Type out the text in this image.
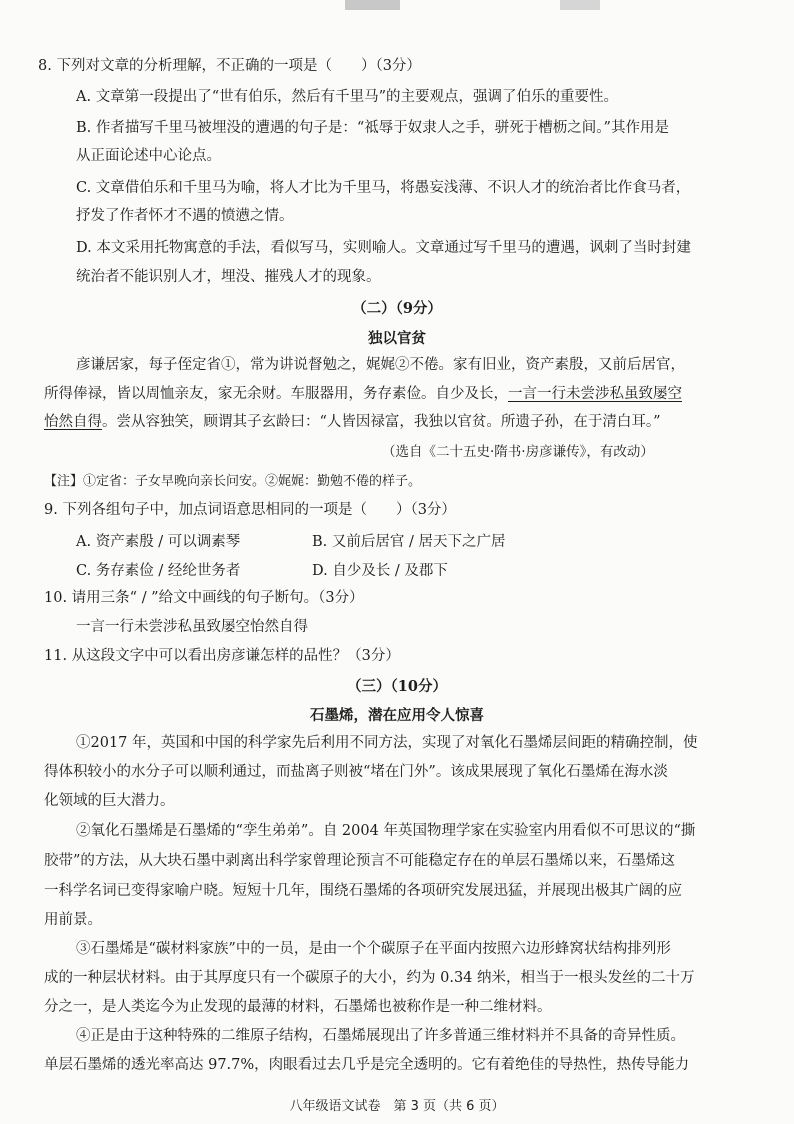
8. 下列对文章的分析理解，不正确的一项是（　　）（3分）
A. 文章第一段提出了“世有伯乐，然后有千里马”的主要观点，强调了伯乐的重要性。
B. 作者描写千里马被埋没的遭遇的句子是：“祗辱于奴隶人之手，骈死于槽枥之间。”其作用是
从正面论述中心论点。
C. 文章借伯乐和千里马为喻，将人才比为千里马，将愚妄浅薄、不识人才的统治者比作食马者，
抒发了作者怀才不遇的愤懑之情。
D. 本文采用托物寓意的手法，看似写马，实则喻人。文章通过写千里马的遭遇，讽刺了当时封建
统治者不能识别人才，埋没、摧残人才的现象。
（二）（9分）
独以官贫
彦谦居家，每子侄定省①，常为讲说督勉之，娓娓②不倦。家有旧业，资产素殷，又前后居官，
所得俸禄，皆以周恤亲友，家无余财。车服器用，务存素俭。自少及长，一言一行未尝涉私虽致屡空
怡然自得。尝从容独笑，顾谓其子玄龄曰：“人皆因禄富，我独以官贫。所遗子孙，在于清白耳。”
（选自《二十五史·隋书·房彦谦传》，有改动）
【注】①定省：子女早晚向亲长问安。②娓娓：勤勉不倦的样子。
9. 下列各组句子中，加点词语意思相同的一项是（　　）（3分）
A. 资产素殷 / 可以调素琴	B. 又前后居官 / 居天下之广居
C. 务存素俭 / 经纶世务者	D. 自少及长 / 及郡下
10. 请用三条“ / ”给文中画线的句子断句。（3分）
一言一行未尝涉私虽致屡空怡然自得
11. 从这段文字中可以看出房彦谦怎样的品性？（3分）
（三）（10分）
石墨烯，潜在应用令人惊喜
①2017 年，英国和中国的科学家先后利用不同方法，实现了对氧化石墨烯层间距的精确控制，使
得体积较小的水分子可以顺利通过，而盐离子则被“堵在门外”。该成果展现了氧化石墨烯在海水淡
化领域的巨大潜力。
②氧化石墨烯是石墨烯的“孪生弟弟”。自 2004 年英国物理学家在实验室内用看似不可思议的“撕
胶带”的方法，从大块石墨中剥离出科学家曾理论预言不可能稳定存在的单层石墨烯以来，石墨烯这
一科学名词已变得家喻户晓。短短十几年，围绕石墨烯的各项研究发展迅猛，并展现出极其广阔的应
用前景。
③石墨烯是“碳材料家族”中的一员，是由一个个碳原子在平面内按照六边形蜂窝状结构排列形
成的一种层状材料。由于其厚度只有一个碳原子的大小，约为 0.34 纳米，相当于一根头发丝的二十万
分之一，是人类迄今为止发现的最薄的材料，石墨烯也被称作是一种二维材料。
④正是由于这种特殊的二维原子结构，石墨烯展现出了许多普通三维材料并不具备的奇异性质。
单层石墨烯的透光率高达 97.7%，肉眼看过去几乎是完全透明的。它有着绝佳的导热性，热传导能力
八年级语文试卷　第 3 页（共 6 页）
